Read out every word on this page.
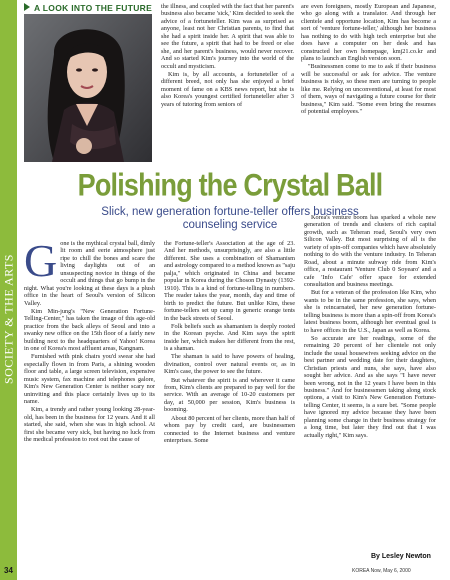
SOCIETY & THE ARTS
A LOOK INTO THE FUTURE the illness, and coupled with the fact that her parent's business also became 'sick,' Kim decided to seek the advice of a fortuneteller. Kim was as surprised as anyone, least not her Christian parents, to find that she had a spirit inside her. A spirit that was able to see the future, a spirit that had to be freed or else she, and her parent's business, would never recover. And so started Kim's journey into the world of the occult and mysticism.

Kim is, by all accounts, a fortuneteller of a different breed, not only has she enjoyed a brief moment of fame on a KBS news report, but she is also Korea's youngest certified fortuneteller after 3 years of tutoring from seniors of

are even foreigners, mostly European and Japanese, who go along with a translator. And through her clientele and opportune location, Kim has become a sort of 'venture fortune-teller,' although her business has nothing to do with high tech enterprise but she does have a computer on her desk and has constructed her own homepage, kmj21.co.kr and plans to launch an English version soon.

"Businessmen come to me to ask if their business will be successful or ask for advice. The venture business is risky, so these men are turning to people like me. Relying on unconventional, at least for most of them, ways of navigating a future course for their business," Kim said. "Some even bring the resumes of potential employees."

Polishing the Crystal Ball
Slick, new generation fortune-teller offers business counseling service

Gone is the mythical crystal ball, dimly lit room and eerie atmosphere just ripe to chill the bones and scare the living daylights out of an unsuspecting novice in things of the occult and things that go bump in the night. What you're looking at these days is a plush office in the heart of Seoul's version of Silicon Valley.

Kim Min-jung's "New Generation Fortune-Telling-Center," has taken the image of this age-old practice from the back alleys of Seoul and into a swanky new office on the 15th floor of a fairly new building next to the headquarters of Yahoo! Korea in one of Korea's most affluent areas, Kangnam.

Furnished with pink chairs you'd swear she had especially flown in from Paris, a shining wooden floor and table, a large screen television, expensive music system, fax machine and telephones galore, Kim's New Generation Center is neither scary nor uninviting and this place certainly lives up to its name.

Kim, a trendy and rather young looking 28-year-old, has been in the business for 12 years. And it all started, she said, when she was in high school. At first she became very sick, but having no luck from the medical profession to root out the cause of

the Fortune-teller's Association at the age of 23. And her methods, unsurprisingly, are also a little different. She uses a combination of Shamanism and astrology compared to a method known as "saju palja," which originated in China and became popular in Korea during the Choson Dynasty (1392-1910). This is a kind of fortune-telling in numbers. The reader takes the year, month, day and time of birth to predict the future. But unlike Kim, these fortune-tellers set up camp in generic orange tents in the back streets of Seoul.

Folk beliefs such as shamanism is deeply rooted in the Korean psyche. And Kim says the spirit inside her, which makes her different from the rest, is a shaman.

The shaman is said to have powers of healing, divination, control over natural events or, as in Kim's case, the power to see the future.

But whatever the spirit is and wherever it came from, Kim's clients are prepared to pay well for the service. With an average of 10-20 customers per day, at 50,000 per session, Kim's business is booming.

About 80 percent of her clients, more than half of whom pay by credit card, are businessmen connected to the Internet business and venture enterprises. Some

Korea's venture boom has sparked a whole new generation of trends and clusters of rich capital growth, such as Teheran road, Seoul's very own Silicon Valley. But most surprising of all is the variety of spin-off companies which have absolutely nothing to do with the venture industry. In Teheran Road, about a minute subway ride from Kim's office, a restaurant 'Venture Club 0 Soyearo' and a cafe 'Info Cafe' offer space for extended consultation and business meetings.

But for a veteran of the profession like Kim, who wants to be in the same profession, she says, when she is reincarnated, her new generation fortune-telling business is more than a spin-off from Korea's latest business boom, although her eventual goal is to have offices in the U.S., Japan as well as Korea.

So accurate are her readings, some of the remaining 20 percent of her clientele not only include the usual housewives seeking advice on the best partner and wedding date for their daughters, Christian priests and nuns, she says, have also sought her advice. And as she says "I have never been wrong, not in the 12 years I have been in this business." And for businessmen taking along stock options, a visit to Kim's New Generation Fortune-telling Center, it seems, is a sure bet. "Some people have ignored my advice because they have been planning some change in their business strategy for a long time, but later they find out that I was actually right," Kim says.

By Lesley Newton
34	KOREA Now, May 6, 2000
